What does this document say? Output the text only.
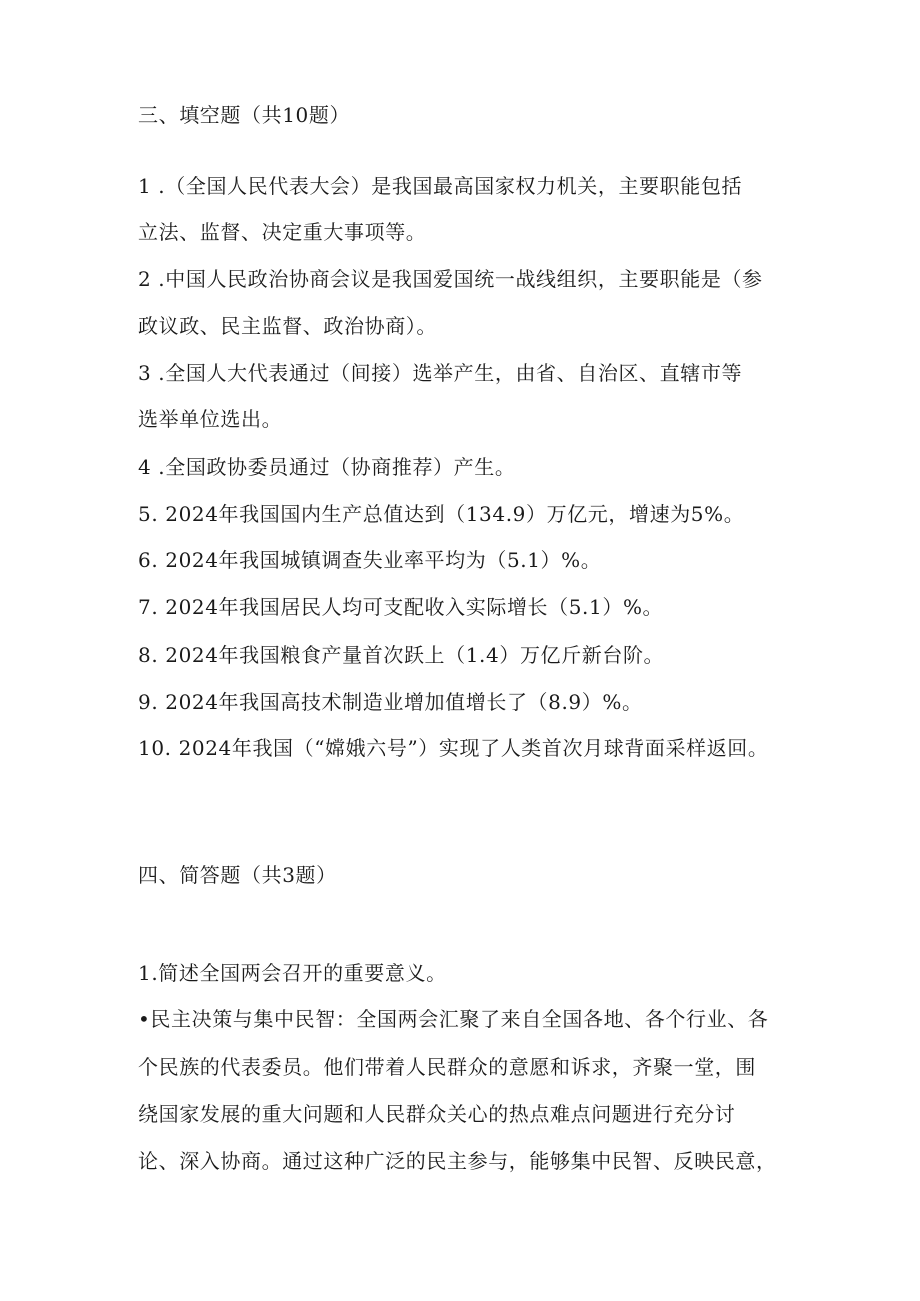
三、填空题（共10题）
1 .（全国人民代表大会）是我国最高国家权力机关，主要职能包括
立法、监督、决定重大事项等。
2 .中国人民政治协商会议是我国爱国统一战线组织，主要职能是（参
政议政、民主监督、政治协商）。
3 .全国人大代表通过（间接）选举产生，由省、自治区、直辖市等
选举单位选出。
4 .全国政协委员通过（协商推荐）产生。
5. 2024年我国国内生产总值达到（134.9）万亿元，增速为5%。
6. 2024年我国城镇调查失业率平均为（5.1）%。
7. 2024年我国居民人均可支配收入实际增长（5.1）%。
8. 2024年我国粮食产量首次跃上（1.4）万亿斤新台阶。
9. 2024年我国高技术制造业增加值增长了（8.9）%。
10. 2024年我国（“嫦娥六号”）实现了人类首次月球背面采样返回。
四、简答题（共3题）
1.简述全国两会召开的重要意义。
•民主决策与集中民智：全国两会汇聚了来自全国各地、各个行业、各
个民族的代表委员。他们带着人民群众的意愿和诉求，齐聚一堂，围
绕国家发展的重大问题和人民群众关心的热点难点问题进行充分讨
论、深入协商。通过这种广泛的民主参与，能够集中民智、反映民意，
